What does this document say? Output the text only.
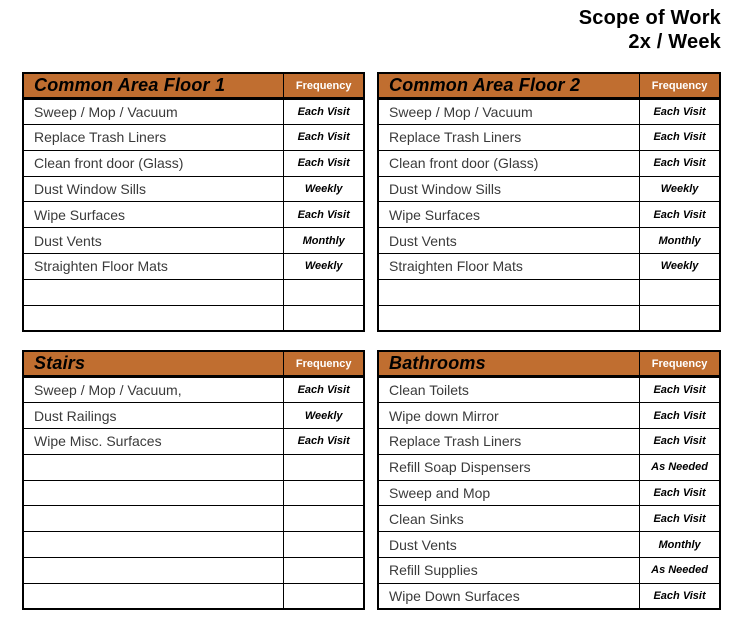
Scope of Work
2x / Week
Common Area Floor 1	Frequency
Sweep / Mop / Vacuum	Each Visit
Replace Trash Liners	Each Visit
Clean front door (Glass)	Each Visit
Dust Window Sills	Weekly
Wipe Surfaces	Each Visit
Dust Vents	Monthly
Straighten Floor Mats	Weekly

Common Area Floor 2	Frequency
Sweep / Mop / Vacuum	Each Visit
Replace Trash Liners	Each Visit
Clean front door (Glass)	Each Visit
Dust Window Sills	Weekly
Wipe Surfaces	Each Visit
Dust Vents	Monthly
Straighten Floor Mats	Weekly

Stairs	Frequency
Sweep / Mop / Vacuum,	Each Visit
Dust Railings	Weekly
Wipe Misc. Surfaces	Each Visit

Bathrooms	Frequency
Clean Toilets	Each Visit
Wipe down Mirror	Each Visit
Replace Trash Liners	Each Visit
Refill Soap Dispensers	As Needed
Sweep and Mop	Each Visit
Clean Sinks	Each Visit
Dust Vents	Monthly
Refill Supplies	As Needed
Wipe Down Surfaces	Each Visit
